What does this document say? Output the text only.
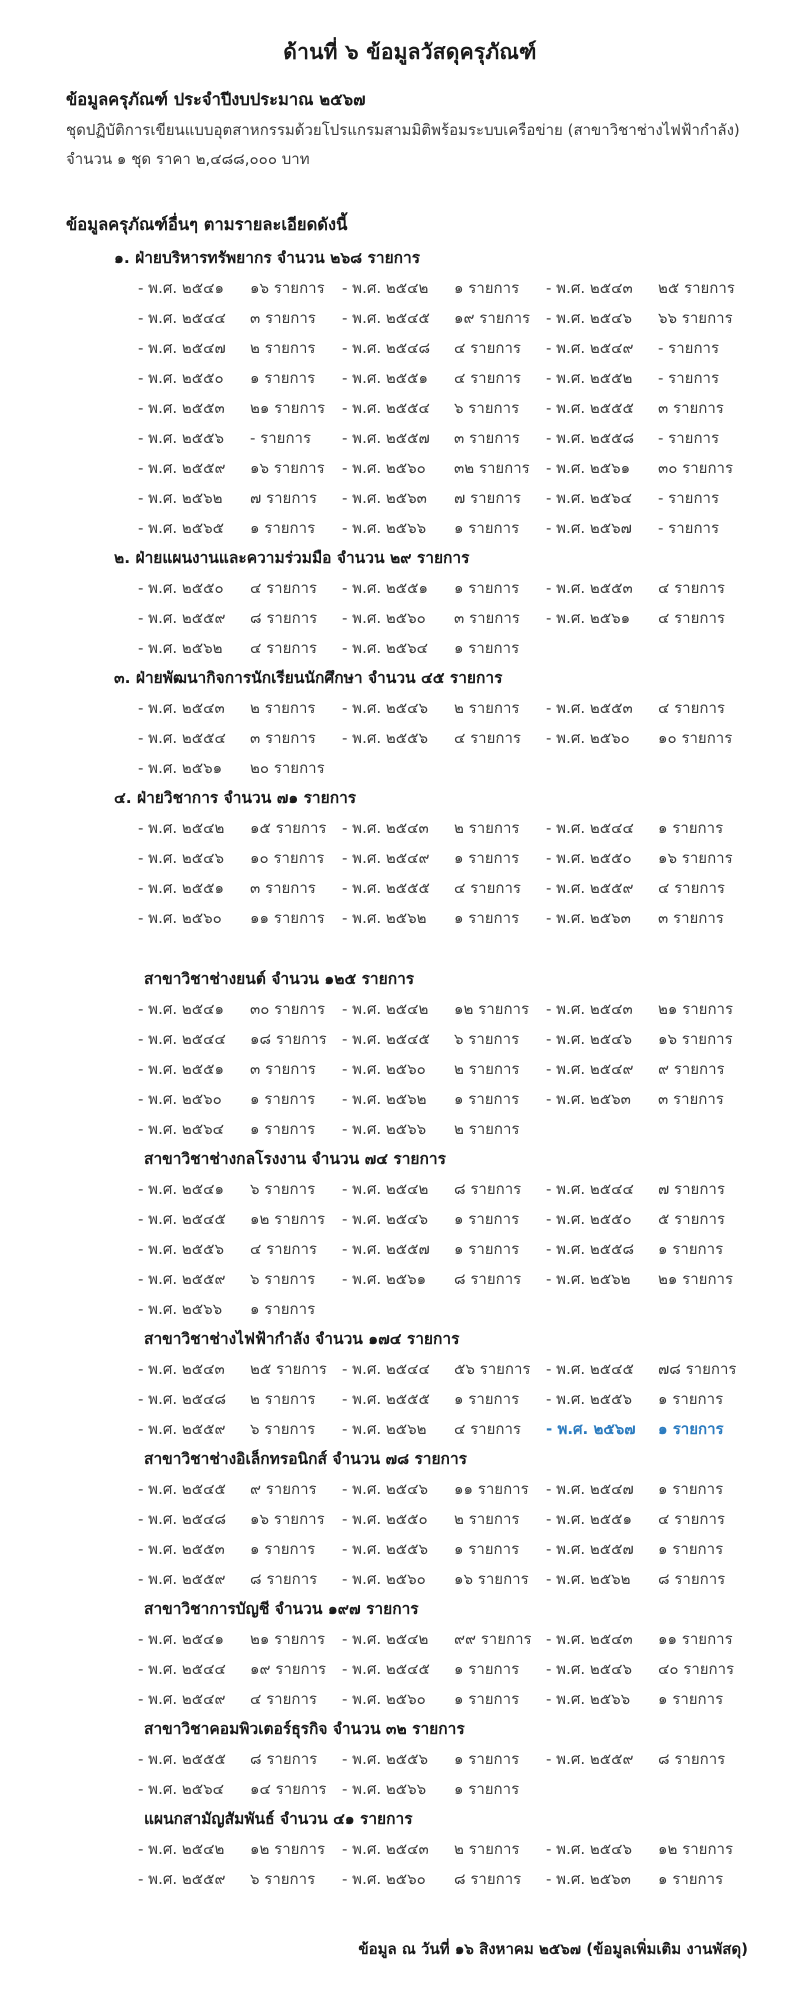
ด้านที่ ๖ ข้อมูลวัสดุครุภัณฑ์
ข้อมูลครุภัณฑ์ ประจำปีงบประมาณ ๒๕๖๗
ชุดปฏิบัติการเขียนแบบอุตสาหกรรมด้วยโปรแกรมสามมิติพร้อมระบบเครือข่าย (สาขาวิชาช่างไฟฟ้ากำลัง)
จำนวน ๑ ชุด ราคา ๒,๔๘๘,๐๐๐ บาท
ข้อมูลครุภัณฑ์อื่นๆ ตามรายละเอียดดังนี้
๑. ฝ่ายบริหารทรัพยากร จำนวน ๒๖๘ รายการ
- พ.ศ. ๒๕๔๑ ๑๖ รายการ - พ.ศ. ๒๕๔๒ ๑ รายการ - พ.ศ. ๒๕๔๓ ๒๕ รายการ
- พ.ศ. ๒๕๔๔ ๓ รายการ - พ.ศ. ๒๕๔๕ ๑๙ รายการ - พ.ศ. ๒๕๔๖ ๖๖ รายการ
- พ.ศ. ๒๕๔๗ ๒ รายการ - พ.ศ. ๒๕๔๘ ๔ รายการ - พ.ศ. ๒๕๔๙ - รายการ
- พ.ศ. ๒๕๕๐ ๑ รายการ - พ.ศ. ๒๕๕๑ ๔ รายการ - พ.ศ. ๒๕๕๒ - รายการ
- พ.ศ. ๒๕๕๓ ๒๑ รายการ - พ.ศ. ๒๕๕๔ ๖ รายการ - พ.ศ. ๒๕๕๕ ๓ รายการ
- พ.ศ. ๒๕๕๖ - รายการ - พ.ศ. ๒๕๕๗ ๓ รายการ - พ.ศ. ๒๕๕๘ - รายการ
- พ.ศ. ๒๕๕๙ ๑๖ รายการ - พ.ศ. ๒๕๖๐ ๓๒ รายการ - พ.ศ. ๒๕๖๑ ๓๐ รายการ
- พ.ศ. ๒๕๖๒ ๗ รายการ - พ.ศ. ๒๕๖๓ ๗ รายการ - พ.ศ. ๒๕๖๔ - รายการ
- พ.ศ. ๒๕๖๕ ๑ รายการ - พ.ศ. ๒๕๖๖ ๑ รายการ - พ.ศ. ๒๕๖๗ - รายการ
๒. ฝ่ายแผนงานและความร่วมมือ จำนวน ๒๙ รายการ
- พ.ศ. ๒๕๕๐ ๔ รายการ - พ.ศ. ๒๕๕๑ ๑ รายการ - พ.ศ. ๒๕๕๓ ๔ รายการ
- พ.ศ. ๒๕๕๙ ๘ รายการ - พ.ศ. ๒๕๖๐ ๓ รายการ - พ.ศ. ๒๕๖๑ ๔ รายการ
- พ.ศ. ๒๕๖๒ ๔ รายการ - พ.ศ. ๒๕๖๔ ๑ รายการ
๓. ฝ่ายพัฒนากิจการนักเรียนนักศึกษา จำนวน ๔๕ รายการ
- พ.ศ. ๒๕๔๓ ๒ รายการ - พ.ศ. ๒๕๔๖ ๒ รายการ - พ.ศ. ๒๕๕๓ ๔ รายการ
- พ.ศ. ๒๕๕๔ ๓ รายการ - พ.ศ. ๒๕๕๖ ๔ รายการ - พ.ศ. ๒๕๖๐ ๑๐ รายการ
- พ.ศ. ๒๕๖๑ ๒๐ รายการ
๔. ฝ่ายวิชาการ จำนวน ๗๑ รายการ
- พ.ศ. ๒๕๔๒ ๑๕ รายการ - พ.ศ. ๒๕๔๓ ๒ รายการ - พ.ศ. ๒๕๔๔ ๑ รายการ
- พ.ศ. ๒๕๔๖ ๑๐ รายการ - พ.ศ. ๒๕๔๙ ๑ รายการ - พ.ศ. ๒๕๕๐ ๑๖ รายการ
- พ.ศ. ๒๕๕๑ ๓ รายการ - พ.ศ. ๒๕๕๕ ๔ รายการ - พ.ศ. ๒๕๕๙ ๔ รายการ
- พ.ศ. ๒๕๖๐ ๑๑ รายการ - พ.ศ. ๒๕๖๒ ๑ รายการ - พ.ศ. ๒๕๖๓ ๓ รายการ
สาขาวิชาช่างยนต์ จำนวน ๑๒๕ รายการ
- พ.ศ. ๒๕๔๑ ๓๐ รายการ - พ.ศ. ๒๕๔๒ ๑๒ รายการ - พ.ศ. ๒๕๔๓ ๒๑ รายการ
- พ.ศ. ๒๕๔๔ ๑๘ รายการ - พ.ศ. ๒๕๔๕ ๖ รายการ - พ.ศ. ๒๕๔๖ ๑๖ รายการ
- พ.ศ. ๒๕๕๑ ๓ รายการ - พ.ศ. ๒๕๖๐ ๒ รายการ - พ.ศ. ๒๕๔๙ ๙ รายการ
- พ.ศ. ๒๕๖๐ ๑ รายการ - พ.ศ. ๒๕๖๒ ๑ รายการ - พ.ศ. ๒๕๖๓ ๓ รายการ
- พ.ศ. ๒๕๖๔ ๑ รายการ - พ.ศ. ๒๕๖๖ ๒ รายการ
สาขาวิชาช่างกลโรงงาน จำนวน ๗๔ รายการ
- พ.ศ. ๒๕๔๑ ๖ รายการ - พ.ศ. ๒๕๔๒ ๘ รายการ - พ.ศ. ๒๕๔๔ ๗ รายการ
- พ.ศ. ๒๕๔๕ ๑๒ รายการ - พ.ศ. ๒๕๔๖ ๑ รายการ - พ.ศ. ๒๕๕๐ ๕ รายการ
- พ.ศ. ๒๕๕๖ ๔ รายการ - พ.ศ. ๒๕๕๗ ๑ รายการ - พ.ศ. ๒๕๕๘ ๑ รายการ
- พ.ศ. ๒๕๕๙ ๖ รายการ - พ.ศ. ๒๕๖๑ ๘ รายการ - พ.ศ. ๒๕๖๒ ๒๑ รายการ
- พ.ศ. ๒๕๖๖ ๑ รายการ
สาขาวิชาช่างไฟฟ้ากำลัง จำนวน ๑๗๔ รายการ
- พ.ศ. ๒๕๔๓ ๒๕ รายการ - พ.ศ. ๒๕๔๔ ๕๖ รายการ - พ.ศ. ๒๕๔๕ ๗๘ รายการ
- พ.ศ. ๒๕๔๘ ๒ รายการ - พ.ศ. ๒๕๕๕ ๑ รายการ - พ.ศ. ๒๕๕๖ ๑ รายการ
- พ.ศ. ๒๕๕๙ ๖ รายการ - พ.ศ. ๒๕๖๒ ๔ รายการ - พ.ศ. ๒๕๖๗ ๑ รายการ
สาขาวิชาช่างอิเล็กทรอนิกส์ จำนวน ๗๘ รายการ
- พ.ศ. ๒๕๔๕ ๙ รายการ - พ.ศ. ๒๕๔๖ ๑๑ รายการ - พ.ศ. ๒๕๔๗ ๑ รายการ
- พ.ศ. ๒๕๔๘ ๑๖ รายการ - พ.ศ. ๒๕๕๐ ๒ รายการ - พ.ศ. ๒๕๕๑ ๔ รายการ
- พ.ศ. ๒๕๕๓ ๑ รายการ - พ.ศ. ๒๕๕๖ ๑ รายการ - พ.ศ. ๒๕๕๗ ๑ รายการ
- พ.ศ. ๒๕๕๙ ๘ รายการ - พ.ศ. ๒๕๖๐ ๑๖ รายการ - พ.ศ. ๒๕๖๒ ๘ รายการ
สาขาวิชาการบัญชี จำนวน ๑๙๗ รายการ
- พ.ศ. ๒๕๔๑ ๒๑ รายการ - พ.ศ. ๒๕๔๒ ๙๙ รายการ - พ.ศ. ๒๕๔๓ ๑๑ รายการ
- พ.ศ. ๒๕๔๔ ๑๙ รายการ - พ.ศ. ๒๕๔๕ ๑ รายการ - พ.ศ. ๒๕๔๖ ๔๐ รายการ
- พ.ศ. ๒๕๔๙ ๔ รายการ - พ.ศ. ๒๕๖๐ ๑ รายการ - พ.ศ. ๒๕๖๖ ๑ รายการ
สาขาวิชาคอมพิวเตอร์ธุรกิจ จำนวน ๓๒ รายการ
- พ.ศ. ๒๕๕๕ ๘ รายการ - พ.ศ. ๒๕๕๖ ๑ รายการ - พ.ศ. ๒๕๕๙ ๘ รายการ
- พ.ศ. ๒๕๖๔ ๑๔ รายการ - พ.ศ. ๒๕๖๖ ๑ รายการ
แผนกสามัญสัมพันธ์ จำนวน ๔๑ รายการ
- พ.ศ. ๒๕๔๒ ๑๒ รายการ - พ.ศ. ๒๕๔๓ ๒ รายการ - พ.ศ. ๒๕๔๖ ๑๒ รายการ
- พ.ศ. ๒๕๕๙ ๖ รายการ - พ.ศ. ๒๕๖๐ ๘ รายการ - พ.ศ. ๒๕๖๓ ๑ รายการ
ข้อมูล ณ วันที่ ๑๖ สิงหาคม ๒๕๖๗ (ข้อมูลเพิ่มเติม งานพัสดุ)
